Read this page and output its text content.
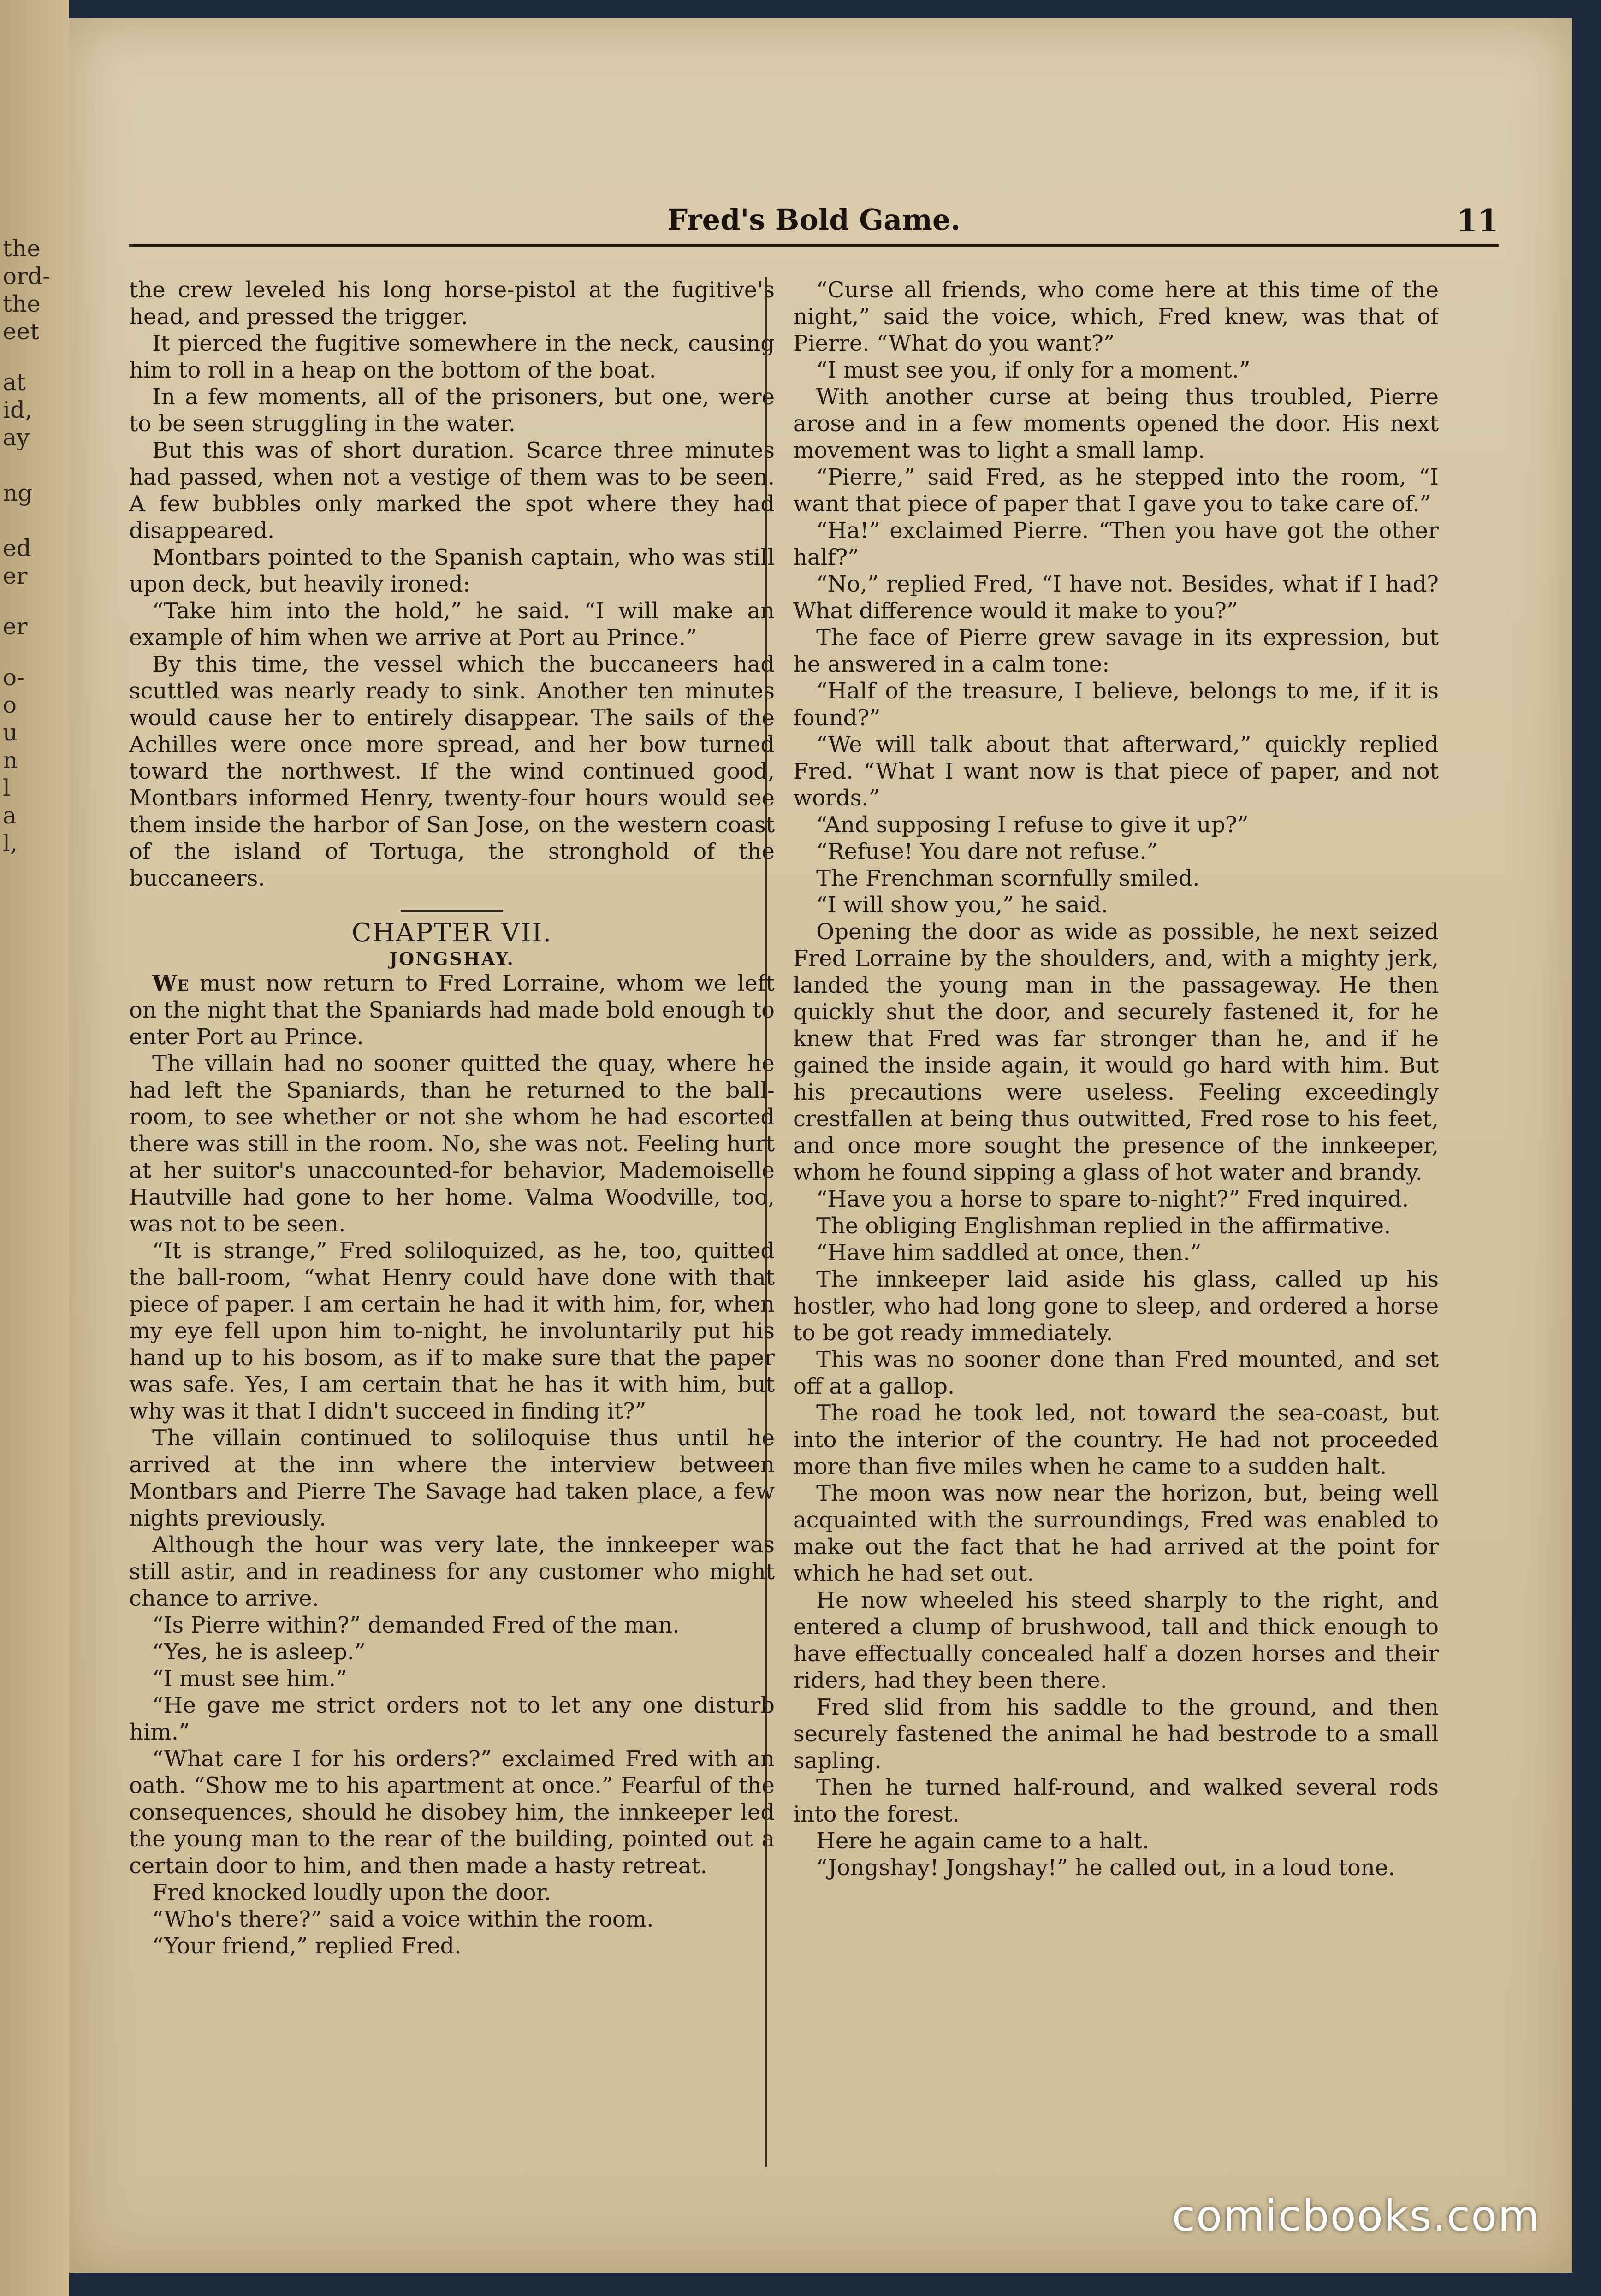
the
ord-
the
eet
at
id,
ay
ng
ed
er
er
o-
o
u
n
l
a
l,
Fred's Bold Game.	11

the crew leveled his long horse-pistol at the fugitive's head, and pressed the trigger.

It pierced the fugitive somewhere in the neck, causing him to roll in a heap on the bottom of the boat.

In a few moments, all of the prisoners, but one, were to be seen struggling in the water.

But this was of short duration. Scarce three minutes had passed, when not a vestige of them was to be seen. A few bubbles only marked the spot where they had disappeared.

Montbars pointed to the Spanish captain, who was still upon deck, but heavily ironed:

“Take him into the hold,” he said. “I will make an example of him when we arrive at Port au Prince.”

By this time, the vessel which the buccaneers had scuttled was nearly ready to sink. Another ten minutes would cause her to entirely disappear. The sails of the Achilles were once more spread, and her bow turned toward the northwest. If the wind continued good, Montbars informed Henry, twenty-four hours would see them inside the harbor of San Jose, on the western coast of the island of Tortuga, the stronghold of the buccaneers.

CHAPTER VII.
JONGSHAY.

We must now return to Fred Lorraine, whom we left on the night that the Spaniards had made bold enough to enter Port au Prince.

The villain had no sooner quitted the quay, where he had left the Spaniards, than he returned to the ball-room, to see whether or not she whom he had escorted there was still in the room. No, she was not. Feeling hurt at her suitor's unaccounted-for behavior, Mademoiselle Hautville had gone to her home. Valma Woodville, too, was not to be seen.

“It is strange,” Fred soliloquized, as he, too, quitted the ball-room, “what Henry could have done with that piece of paper. I am certain he had it with him, for, when my eye fell upon him to-night, he involuntarily put his hand up to his bosom, as if to make sure that the paper was safe. Yes, I am certain that he has it with him, but why was it that I didn't succeed in finding it?”

The villain continued to soliloquise thus until he arrived at the inn where the interview between Montbars and Pierre The Savage had taken place, a few nights previously.

Although the hour was very late, the innkeeper was still astir, and in readiness for any customer who might chance to arrive.

“Is Pierre within?” demanded Fred of the man.

“Yes, he is asleep.”

“I must see him.”

“He gave me strict orders not to let any one disturb him.”

“What care I for his orders?” exclaimed Fred with an oath. “Show me to his apartment at once.” Fearful of the consequences, should he disobey him, the innkeeper led the young man to the rear of the building, pointed out a certain door to him, and then made a hasty retreat.

Fred knocked loudly upon the door.

“Who's there?” said a voice within the room.

“Your friend,” replied Fred.

“Curse all friends, who come here at this time of the night,” said the voice, which, Fred knew, was that of Pierre. “What do you want?”

“I must see you, if only for a moment.”

With another curse at being thus troubled, Pierre arose and in a few moments opened the door. His next movement was to light a small lamp.

“Pierre,” said Fred, as he stepped into the room, “I want that piece of paper that I gave you to take care of.”

“Ha!” exclaimed Pierre. “Then you have got the other half?”

“No,” replied Fred, “I have not. Besides, what if I had? What difference would it make to you?”

The face of Pierre grew savage in its expression, but he answered in a calm tone:

“Half of the treasure, I believe, belongs to me, if it is found?”

“We will talk about that afterward,” quickly replied Fred. “What I want now is that piece of paper, and not words.”

“And supposing I refuse to give it up?”

“Refuse! You dare not refuse.”

The Frenchman scornfully smiled.

“I will show you,” he said.

Opening the door as wide as possible, he next seized Fred Lorraine by the shoulders, and, with a mighty jerk, landed the young man in the passageway. He then quickly shut the door, and securely fastened it, for he knew that Fred was far stronger than he, and if he gained the inside again, it would go hard with him. But his precautions were useless. Feeling exceedingly crestfallen at being thus outwitted, Fred rose to his feet, and once more sought the presence of the innkeeper, whom he found sipping a glass of hot water and brandy.

“Have you a horse to spare to-night?” Fred inquired.

The obliging Englishman replied in the affirmative.

“Have him saddled at once, then.”

The innkeeper laid aside his glass, called up his hostler, who had long gone to sleep, and ordered a horse to be got ready immediately.

This was no sooner done than Fred mounted, and set off at a gallop.

The road he took led, not toward the sea-coast, but into the interior of the country. He had not proceeded more than five miles when he came to a sudden halt.

The moon was now near the horizon, but, being well acquainted with the surroundings, Fred was enabled to make out the fact that he had arrived at the point for which he had set out.

He now wheeled his steed sharply to the right, and entered a clump of brushwood, tall and thick enough to have effectually concealed half a dozen horses and their riders, had they been there.

Fred slid from his saddle to the ground, and then securely fastened the animal he had bestrode to a small sapling.

Then he turned half-round, and walked several rods into the forest.

Here he again came to a halt.

“Jongshay! Jongshay!” he called out, in a loud tone.

comicbooks.com
